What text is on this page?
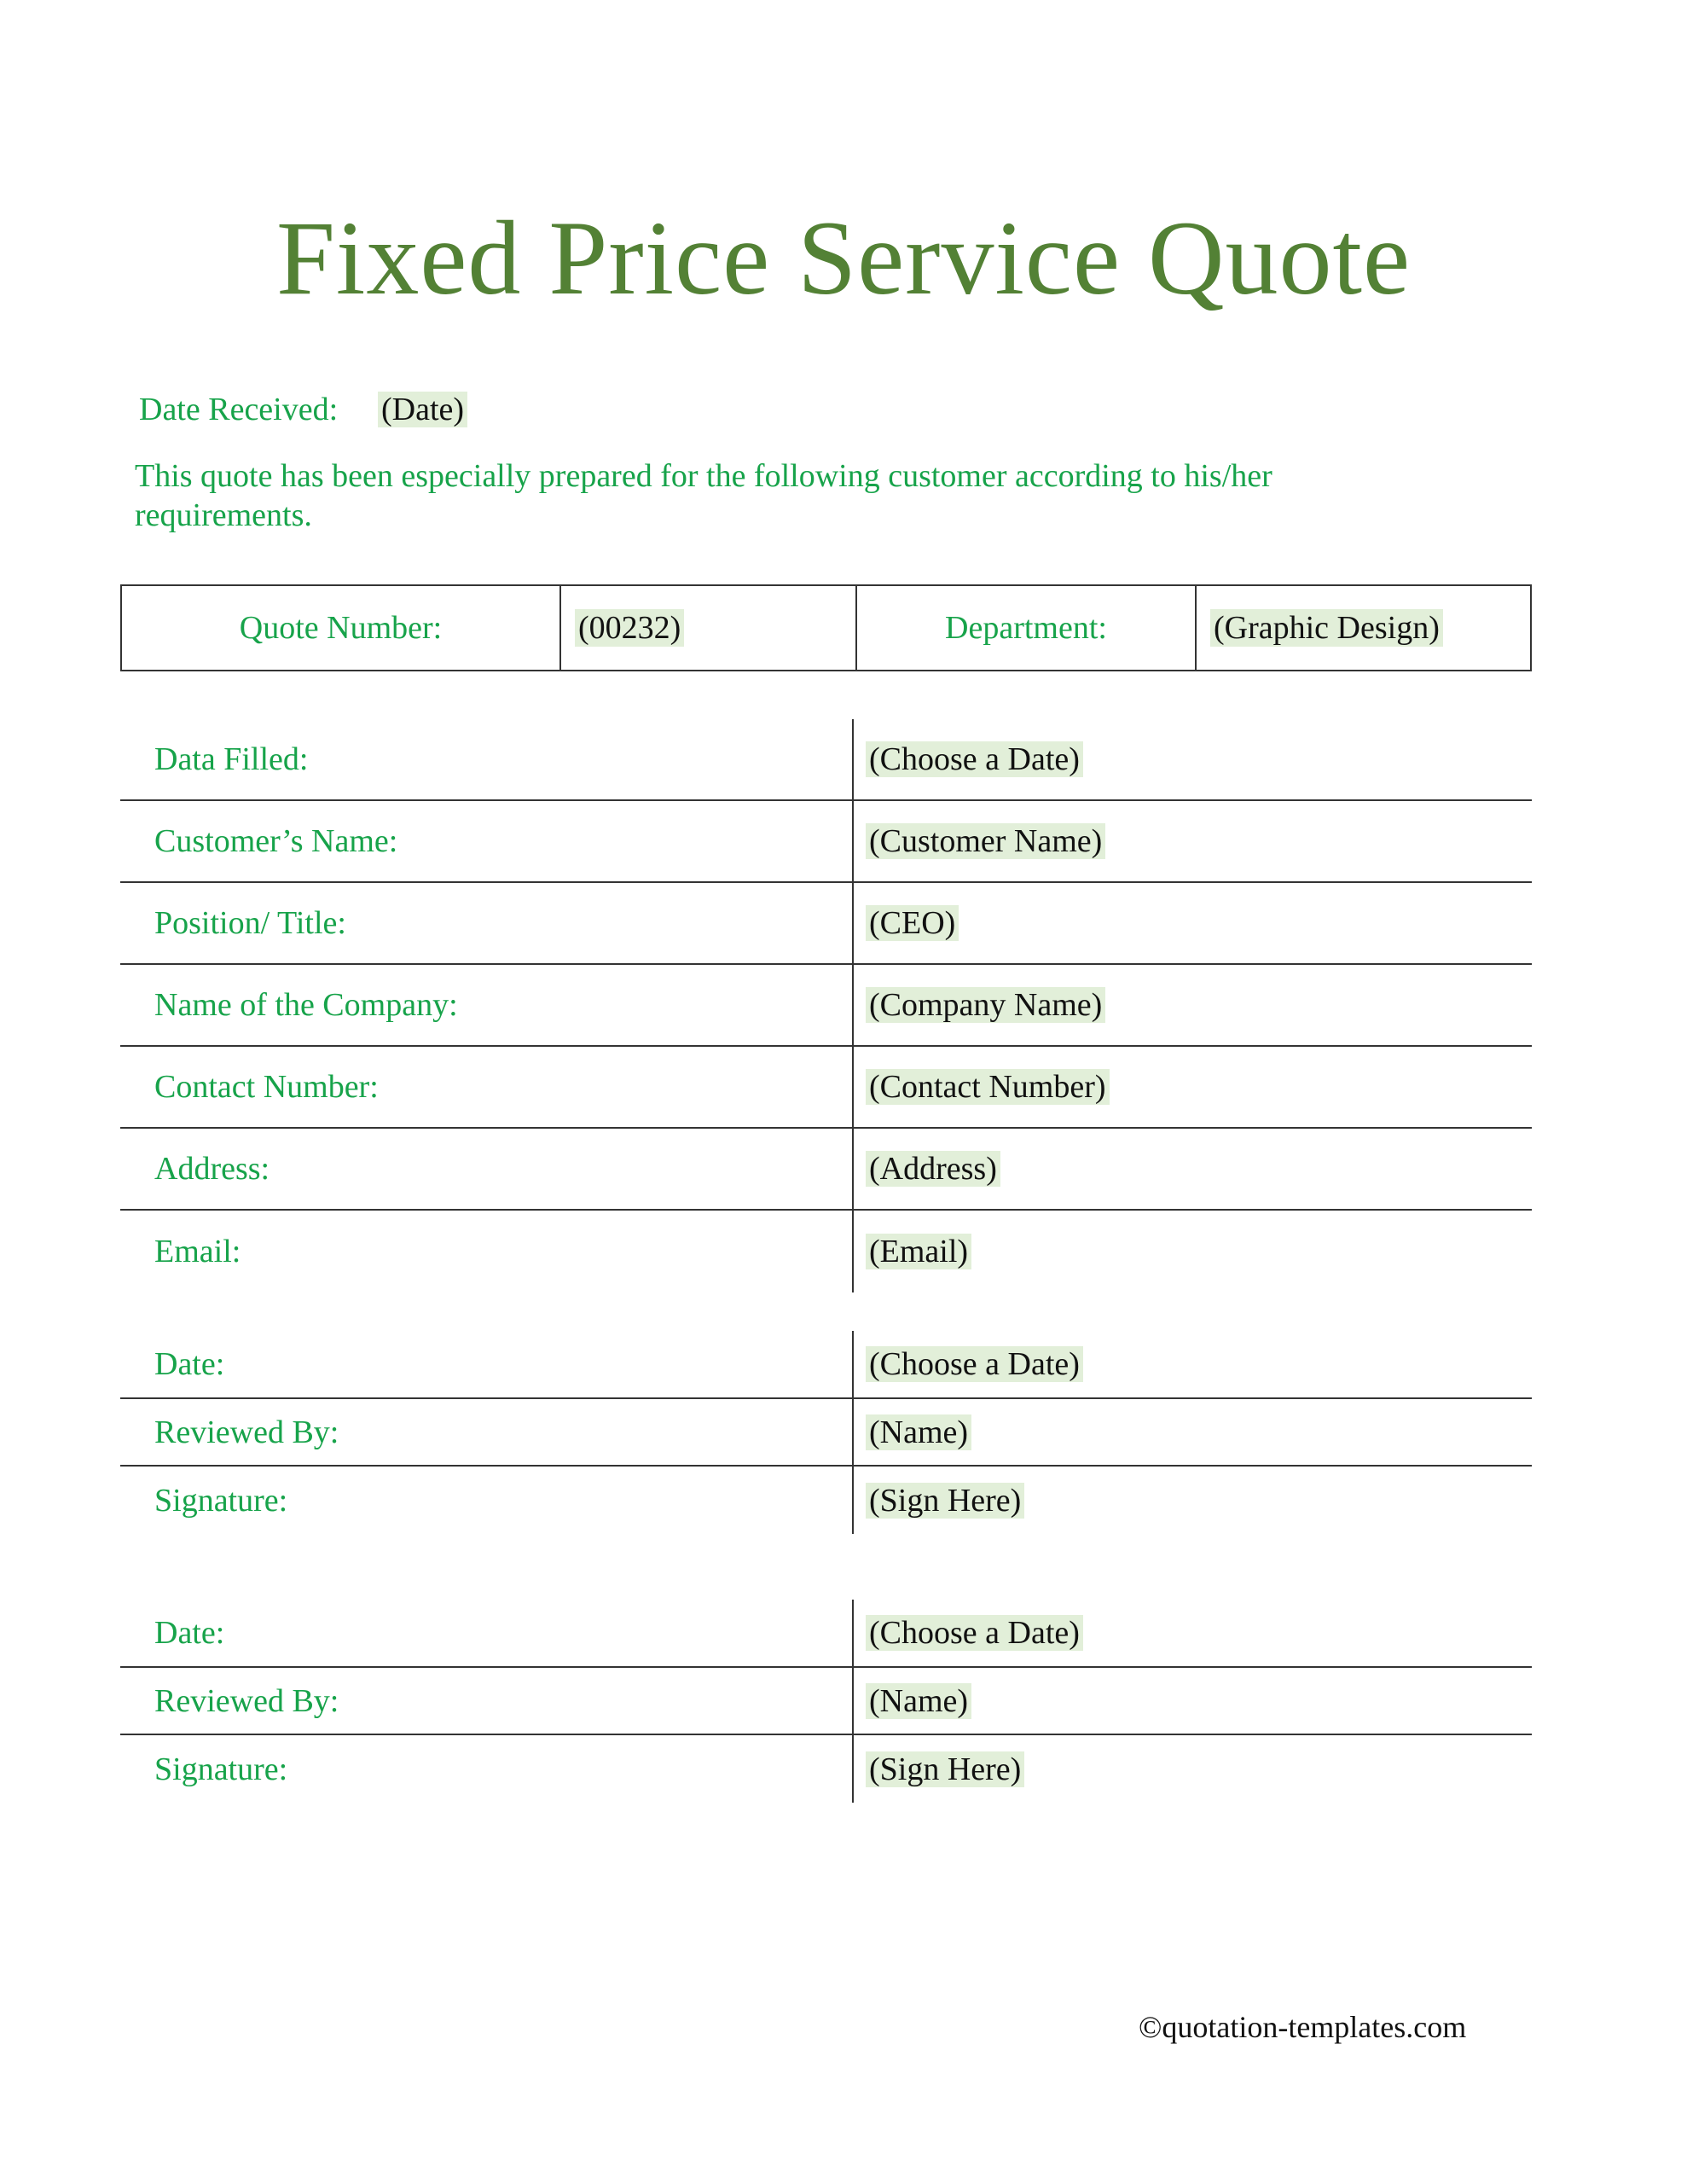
Fixed Price Service Quote
Date Received: (Date)
This quote has been especially prepared for the following customer according to his/her requirements.
Quote Number:	(00232)	Department:	(Graphic Design)
Data Filled:	(Choose a Date)
Customer’s Name:	(Customer Name)
Position/ Title:	(CEO)
Name of the Company:	(Company Name)
Contact Number:	(Contact Number)
Address:	(Address)
Email:	(Email)
Date:	(Choose a Date)
Reviewed By:	(Name)
Signature:	(Sign Here)
Date:	(Choose a Date)
Reviewed By:	(Name)
Signature:	(Sign Here)
©quotation-templates.com
